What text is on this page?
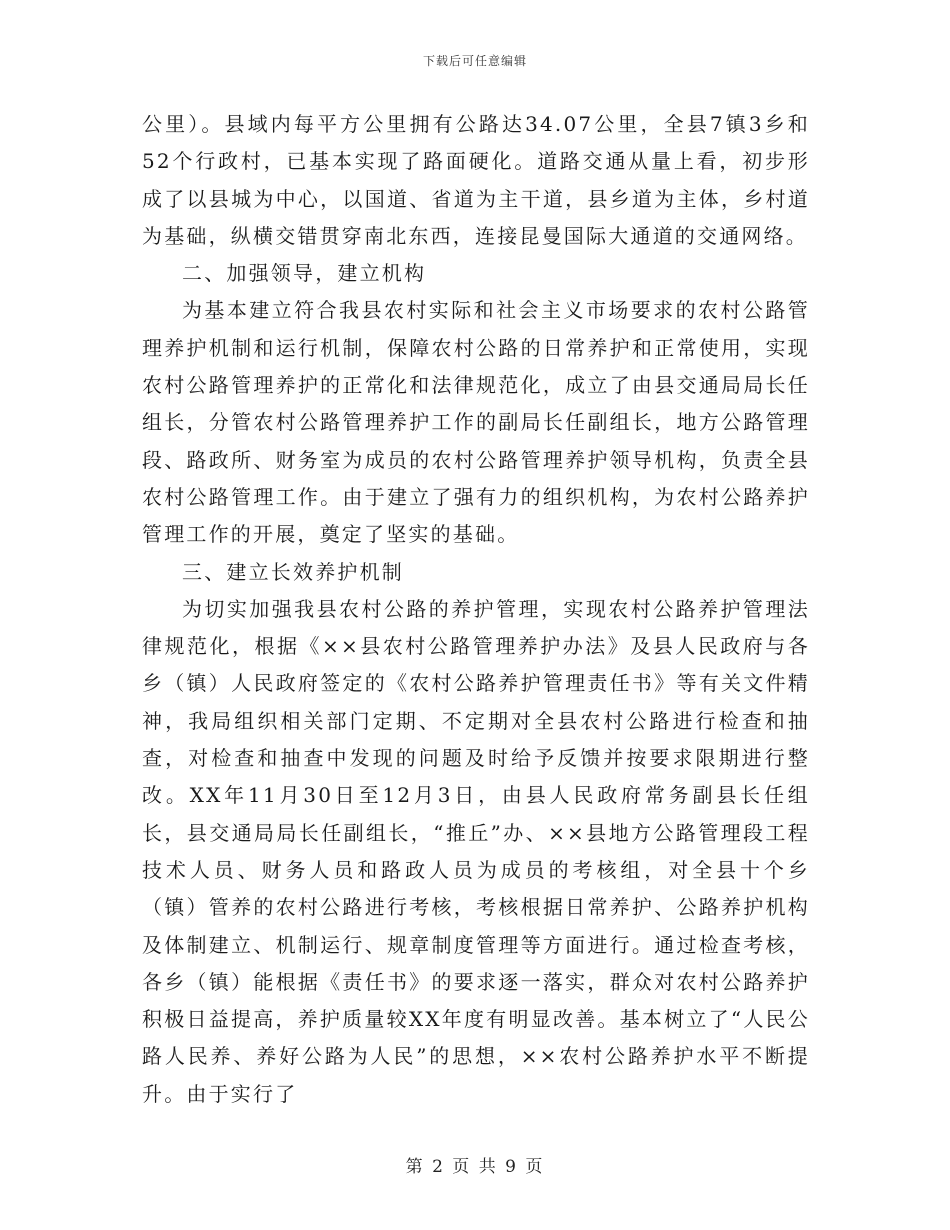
下载后可任意编辑

公里）。县域内每平方公里拥有公路达34.07公里，全县7镇3乡和52个行政村，已基本实现了路面硬化。道路交通从量上看，初步形成了以县城为中心，以国道、省道为主干道，县乡道为主体，乡村道为基础，纵横交错贯穿南北东西，连接昆曼国际大通道的交通网络。

二、加强领导，建立机构

为基本建立符合我县农村实际和社会主义市场要求的农村公路管理养护机制和运行机制，保障农村公路的日常养护和正常使用，实现农村公路管理养护的正常化和法律规范化，成立了由县交通局局长任组长，分管农村公路管理养护工作的副局长任副组长，地方公路管理段、路政所、财务室为成员的农村公路管理养护领导机构，负责全县农村公路管理工作。由于建立了强有力的组织机构，为农村公路养护管理工作的开展，奠定了坚实的基础。

三、建立长效养护机制

为切实加强我县农村公路的养护管理，实现农村公路养护管理法律规范化，根据《××县农村公路管理养护办法》及县人民政府与各乡（镇）人民政府签定的《农村公路养护管理责任书》等有关文件精神，我局组织相关部门定期、不定期对全县农村公路进行检查和抽查，对检查和抽查中发现的问题及时给予反馈并按要求限期进行整改。XX年11月30日至12月3日，由县人民政府常务副县长任组长，县交通局局长任副组长，“推丘”办、××县地方公路管理段工程技术人员、财务人员和路政人员为成员的考核组，对全县十个乡（镇）管养的农村公路进行考核，考核根据日常养护、公路养护机构及体制建立、机制运行、规章制度管理等方面进行。通过检查考核，各乡（镇）能根据《责任书》的要求逐一落实，群众对农村公路养护积极日益提高，养护质量较XX年度有明显改善。基本树立了“人民公路人民养、养好公路为人民”的思想，××农村公路养护水平不断提升。由于实行了

第 2 页 共 9 页
